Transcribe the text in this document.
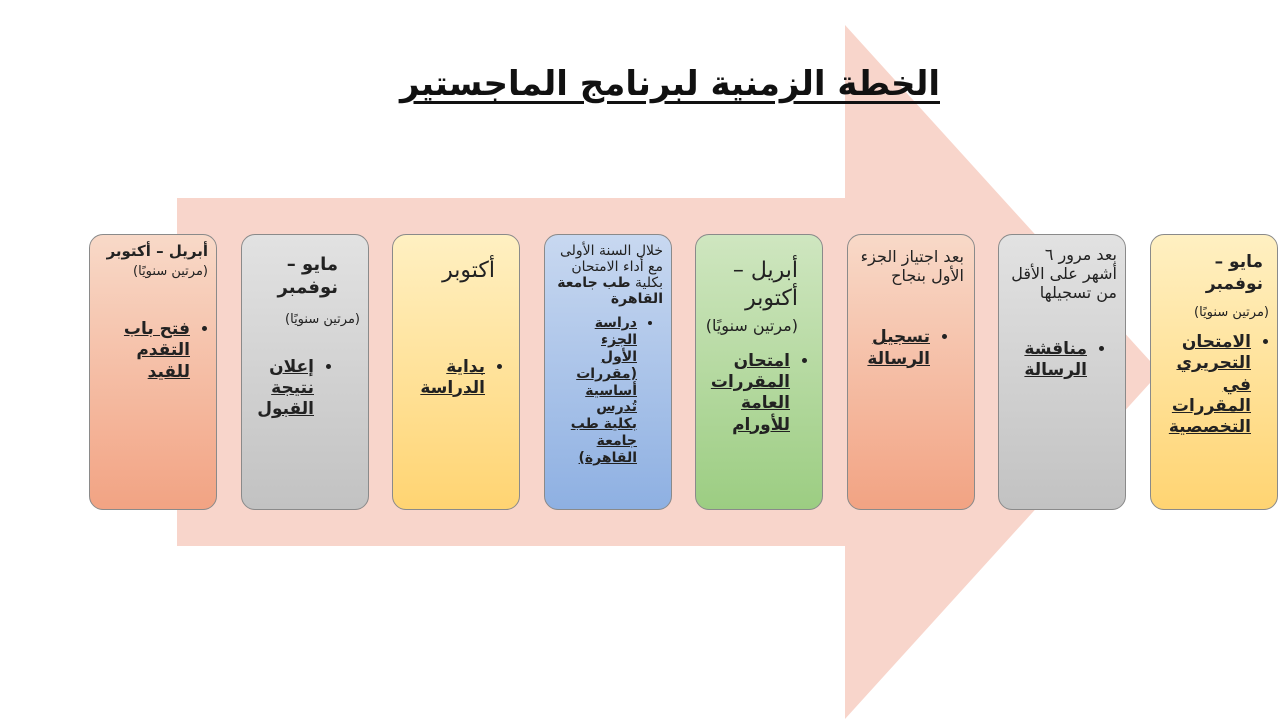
الخطة الزمنية لبرنامج الماجستير
أبريل – أكتوبر
(مرتين سنويًا)
• فتح باب التقدم للقيد
مايو – نوفمبر
(مرتين سنويًا)
• إعلان نتيجة القبول
أكتوبر
• بداية الدراسة
خلال السنة الأولى مع أداء الامتحان بكلية طب جامعة القاهرة
• دراسة الجزء الأول (مقررات أساسية تُدرس بكلية طب جامعة القاهرة)
أبريل – أكتوبر
(مرتين سنويًا)
• امتحان المقررات العامة للأورام
بعد اجتياز الجزء الأول بنجاح
• تسجيل الرسالة
بعد مرور ٦ أشهر على الأقل من تسجيلها
• مناقشة الرسالة
مايو – نوفمبر
(مرتين سنويًا)
• الامتحان التحريري في المقررات التخصصية
